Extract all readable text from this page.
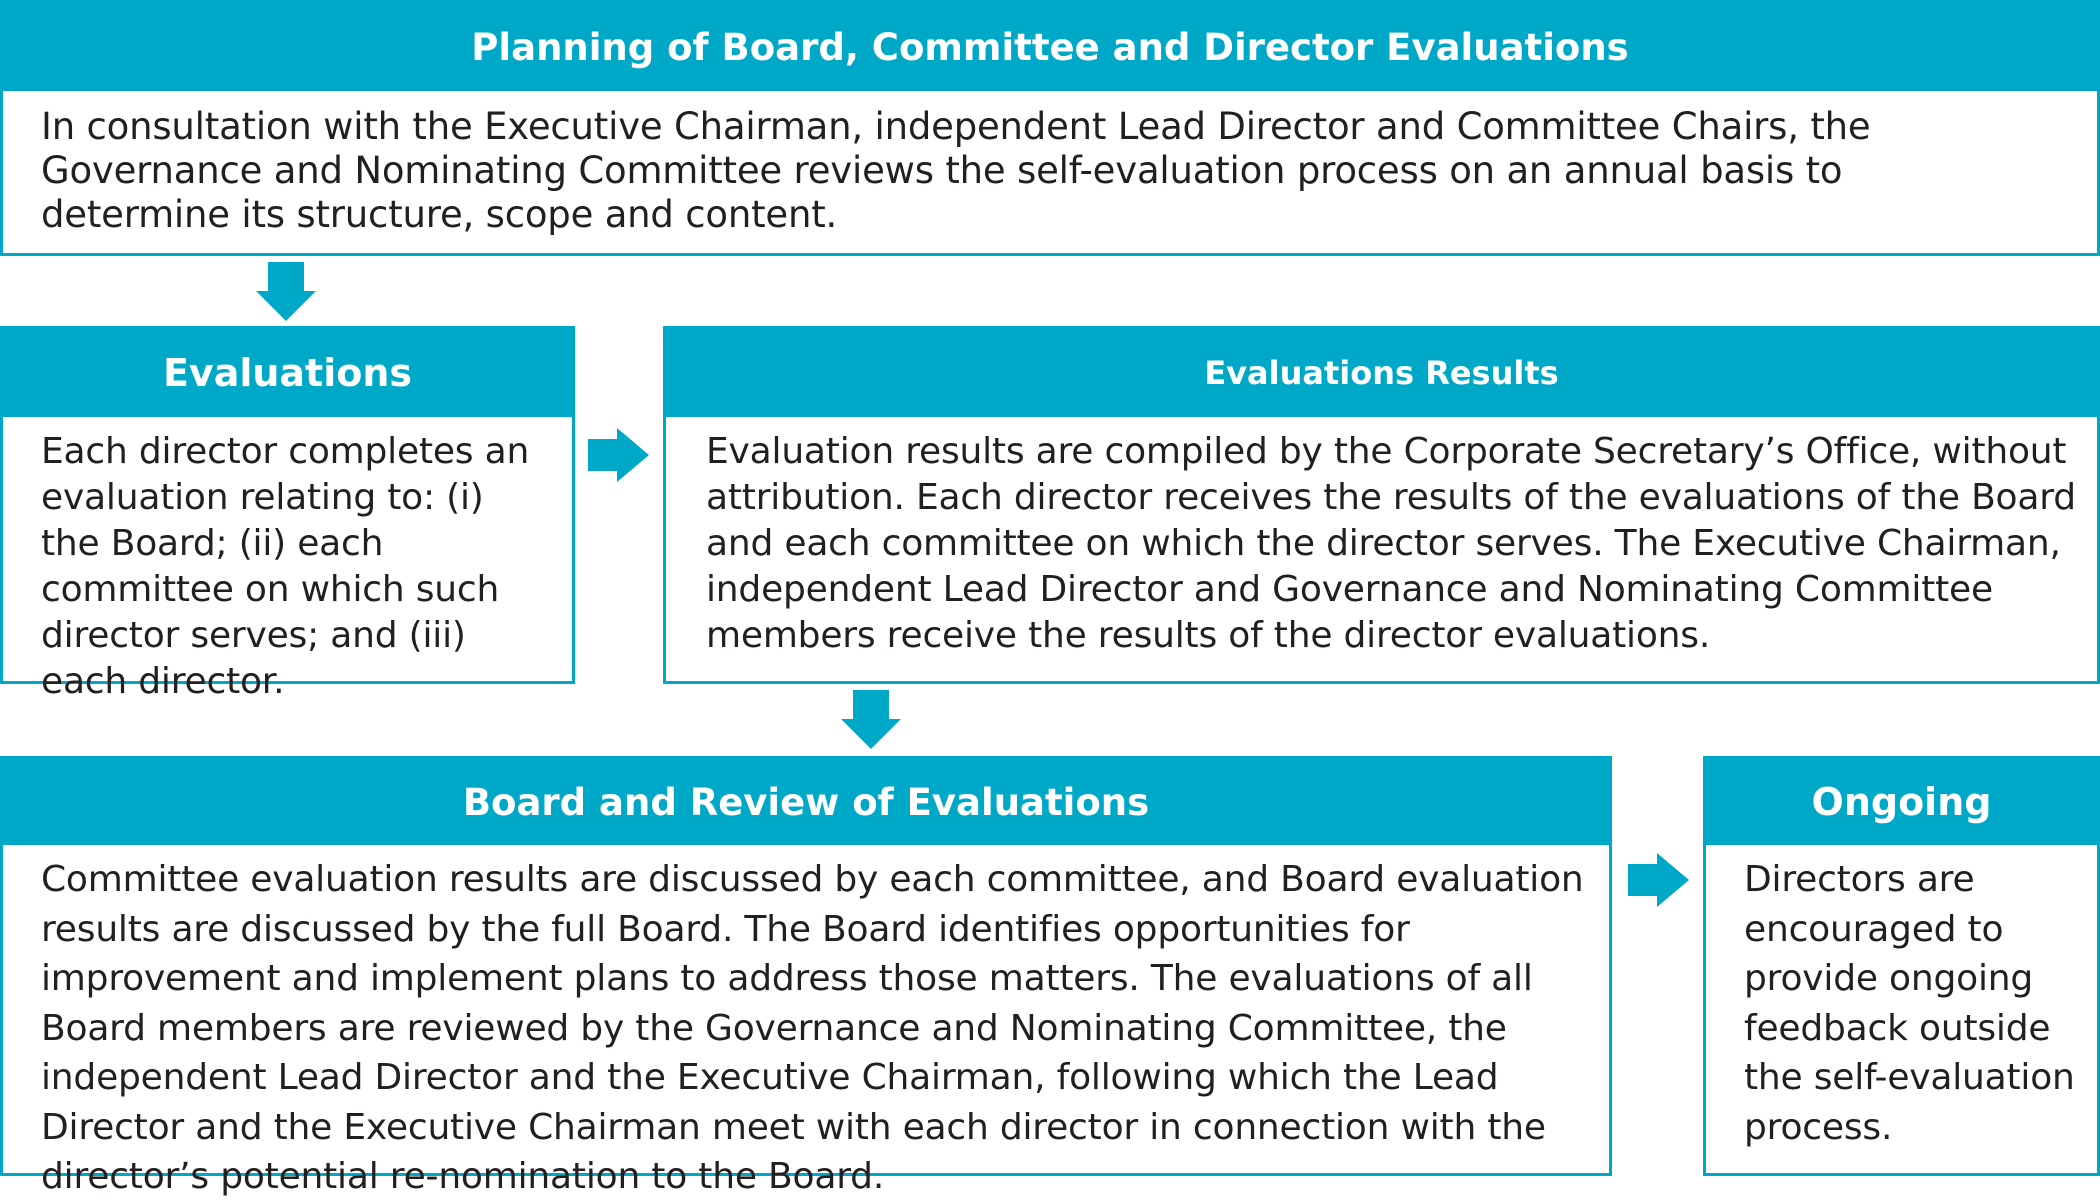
Planning of Board, Committee and Director Evaluations
In consultation with the Executive Chairman, independent Lead Director and Committee Chairs, the Governance and Nominating Committee reviews the self-evaluation process on an annual basis to determine its structure, scope and content.
Evaluations
Each director completes an evaluation relating to: (i) the Board; (ii) each committee on which such director serves; and (iii) each director.
Evaluations Results
Evaluation results are compiled by the Corporate Secretary’s Office, without attribution. Each director receives the results of the evaluations of the Board and each committee on which the director serves. The Executive Chairman, independent Lead Director and Governance and Nominating Committee members receive the results of the director evaluations.
Board and Review of Evaluations
Committee evaluation results are discussed by each committee, and Board evaluation results are discussed by the full Board. The Board identifies opportunities for improvement and implement plans to address those matters. The evaluations of all Board members are reviewed by the Governance and Nominating Committee, the independent Lead Director and the Executive Chairman, following which the Lead Director and the Executive Chairman meet with each director in connection with the director’s potential re-nomination to the Board.
Ongoing
Directors are encouraged to provide ongoing feedback outside the self-evaluation process.
